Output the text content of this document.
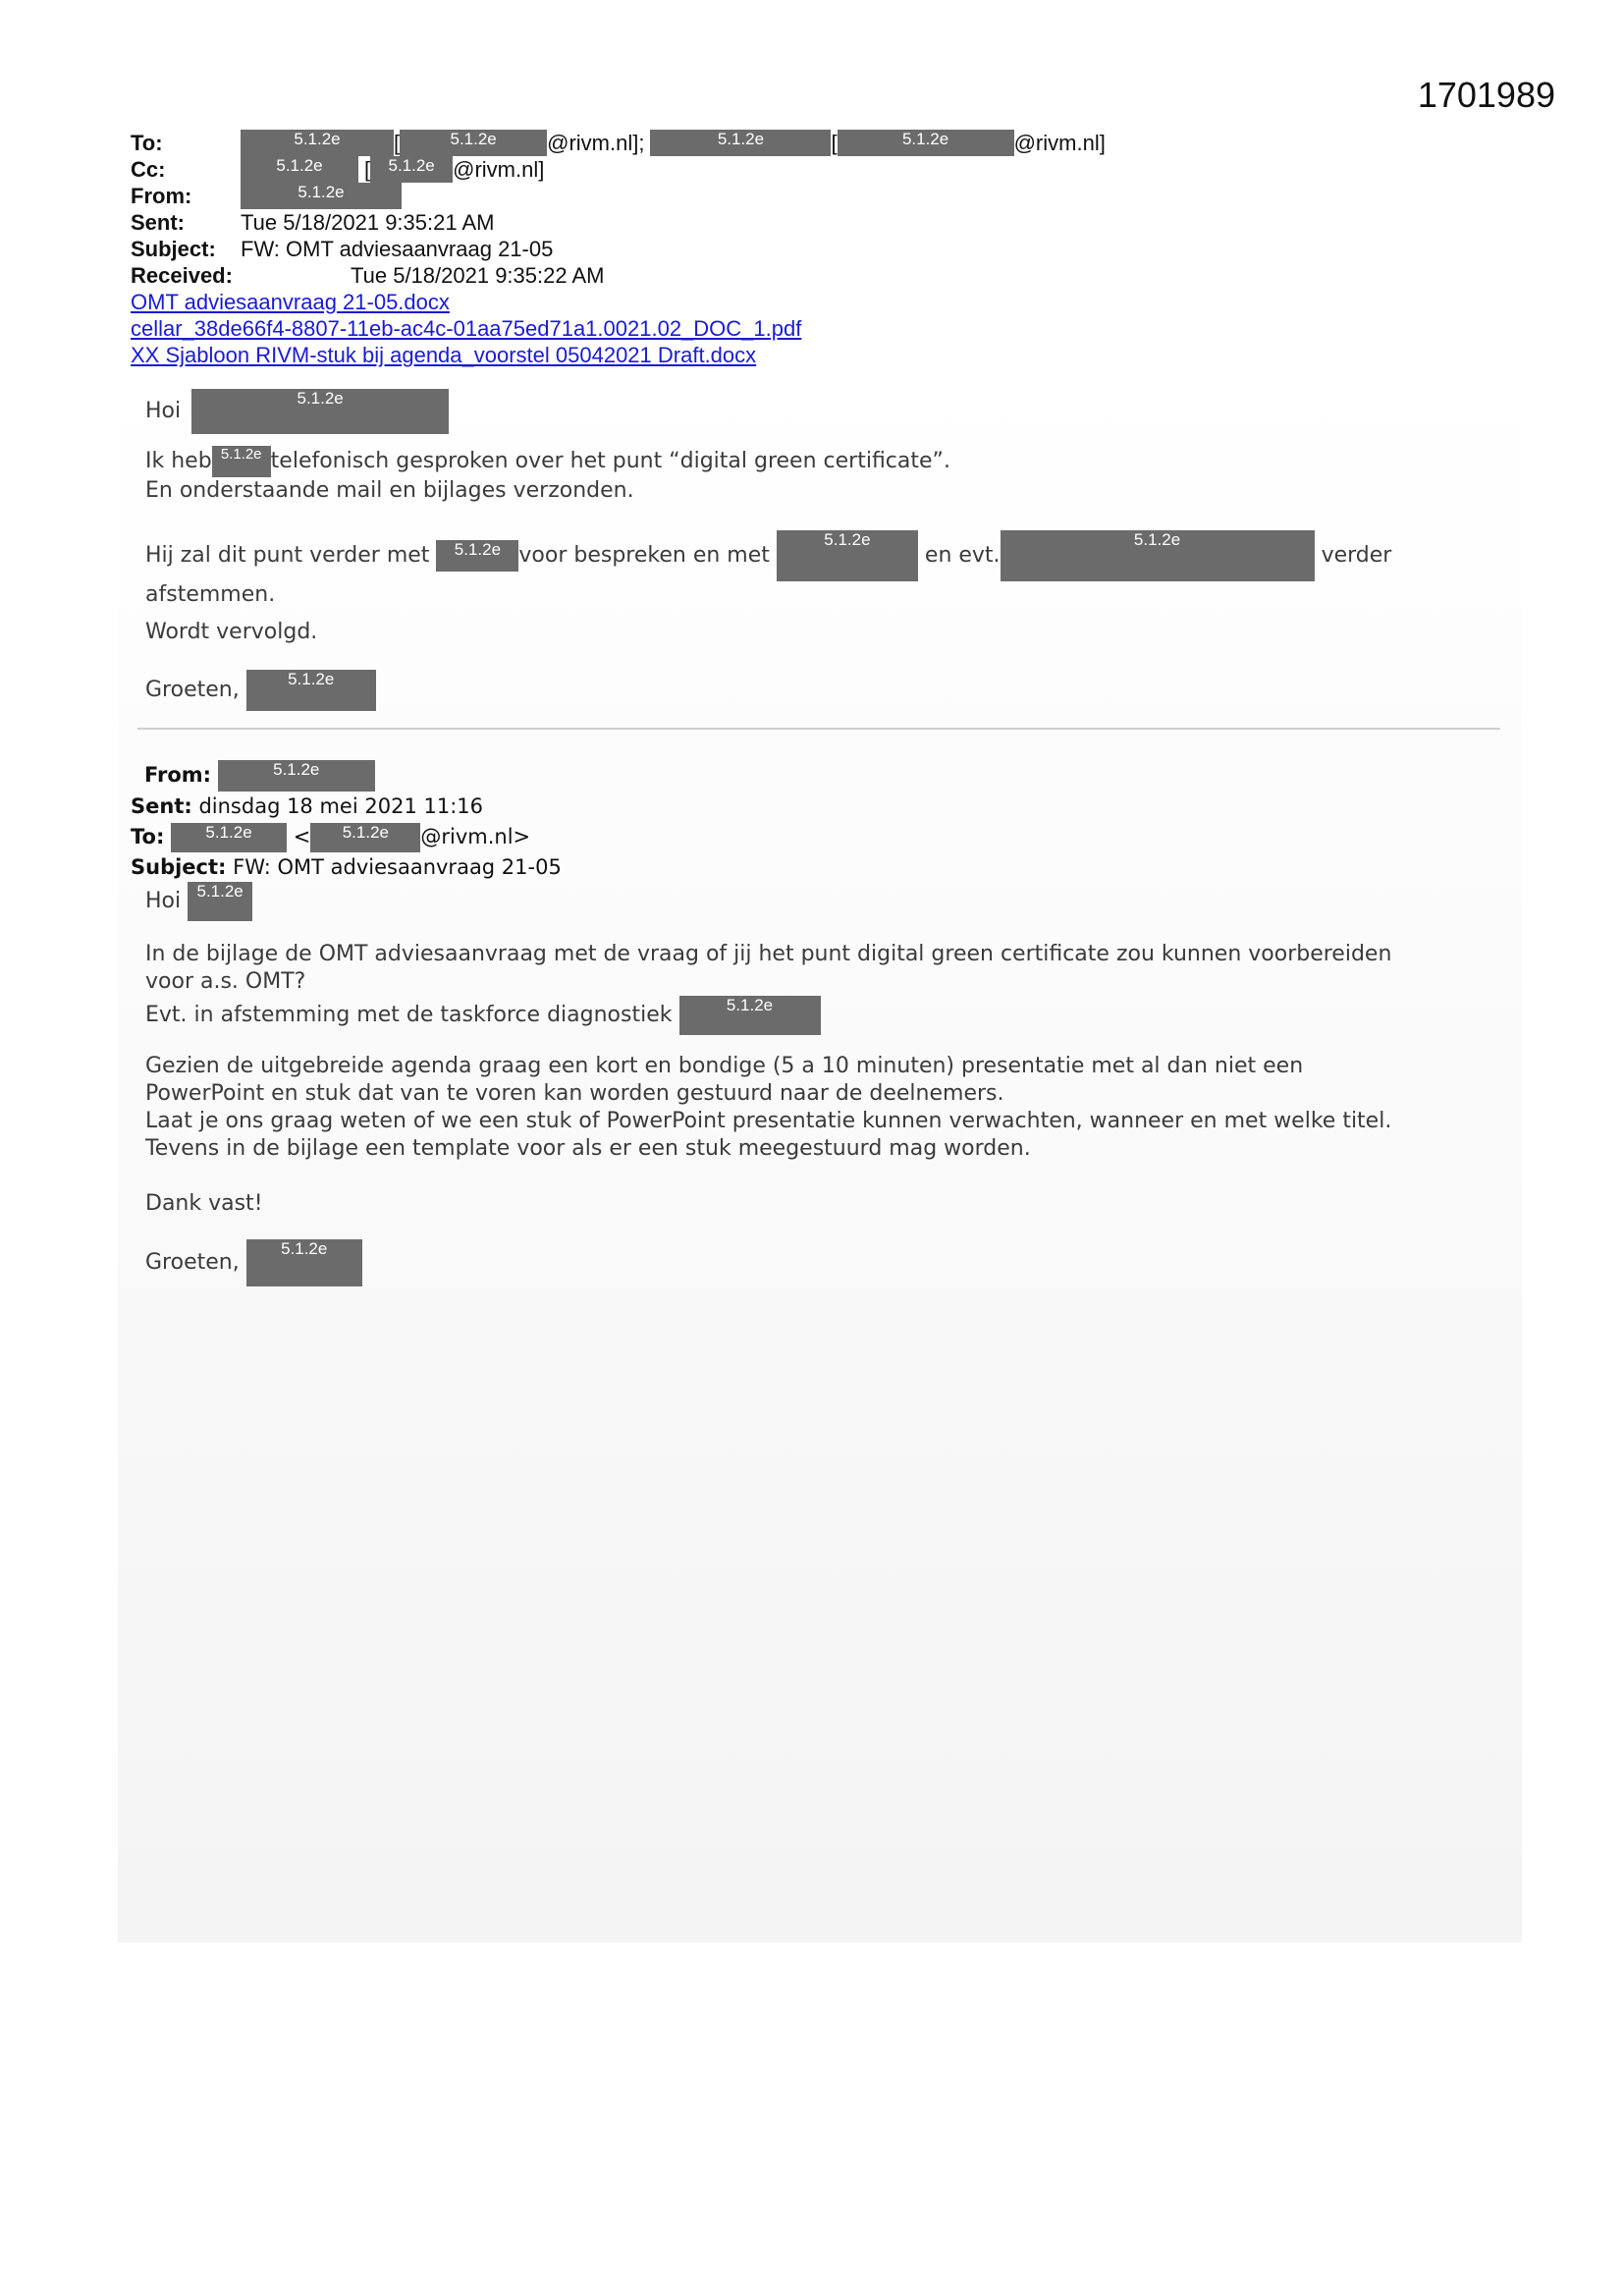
1701989
To:	5.1.2e [	5.1.2e @rivm.nl];	5.1.2e	[	5.1.2e	@rivm.nl]
Cc:	5.1.2e [ 5.1.2e @rivm.nl]
From:	5.1.2e
Sent:	Tue 5/18/2021 9:35:21 AM
Subject: FW: OMT adviesaanvraag 21-05
Received:	Tue 5/18/2021 9:35:22 AM
OMT adviesaanvraag 21-05.docx
cellar_38de66f4-8807-11eb-ac4c-01aa75ed71a1.0021.02_DOC_1.pdf
XX Sjabloon RIVM-stuk bij agenda_voorstel 05042021 Draft.docx
Hoi 5.1.2e

Ik heb 5.1.2e telefonisch gesproken over het punt “digital green certificate”.

En onderstaande mail en bijlages verzonden.

Hij zal dit punt verder met 5.1.2e voor bespreken en met 5.1.2e en evt.5.1.2e verder

afstemmen.

Wordt vervolgd.
Groeten,	5.1.2e
From:	5.1.2e
Sent: dinsdag 18 mei 2021 11:16
To: 5.1.2e < 5.1.2e @rivm.nl>
Subject: FW: OMT adviesaanvraag 21-05
Hoi 5.1.2e

In de bijlage de OMT adviesaanvraag met de vraag of jij het punt digital green certificate zou kunnen voorbereiden

voor a.s. OMT?

Evt. in afstemming met de taskforce diagnostiek	5.1.2e

Gezien de uitgebreide agenda graag een kort en bondige (5 a 10 minuten) presentatie met al dan niet een

PowerPoint en stuk dat van te voren kan worden gestuurd naar de deelnemers.

Laat je ons graag weten of we een stuk of PowerPoint presentatie kunnen verwachten, wanneer en met welke titel.

Tevens in de bijlage een template voor als er een stuk meegestuurd mag worden.

Dank vast!
Groeten, 5.1.2e
